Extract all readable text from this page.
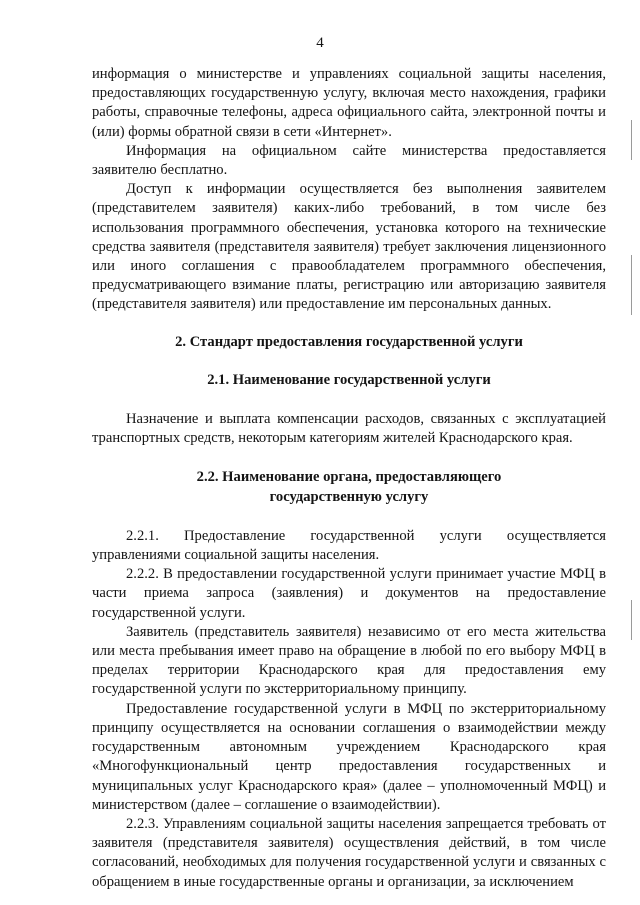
4

информация о министерстве и управлениях социальной защиты населения, предоставляющих государственную услугу, включая место нахождения, графики работы, справочные телефоны, адреса официального сайта, электронной почты и (или) формы обратной связи в сети «Интернет».

Информация на официальном сайте министерства предоставляется заявителю бесплатно.

Доступ к информации осуществляется без выполнения заявителем (представителем заявителя) каких-либо требований, в том числе без использования программного обеспечения, установка которого на технические средства заявителя (представителя заявителя) требует заключения лицензионного или иного соглашения с правообладателем программного обеспечения, предусматривающего взимание платы, регистрацию или авторизацию заявителя (представителя заявителя) или предоставление им персональных данных.

2. Стандарт предоставления государственной услуги
2.1. Наименование государственной услуги

Назначение и выплата компенсации расходов, связанных с эксплуатацией транспортных средств, некоторым категориям жителей Краснодарского края.

2.2. Наименование органа, предоставляющего
государственную услугу

2.2.1. Предоставление государственной услуги осуществляется управлениями социальной защиты населения.

2.2.2. В предоставлении государственной услуги принимает участие МФЦ в части приема запроса (заявления) и документов на предоставление государственной услуги.

Заявитель (представитель заявителя) независимо от его места жительства или места пребывания имеет право на обращение в любой по его выбору МФЦ в пределах территории Краснодарского края для предоставления ему государственной услуги по экстерриториальному принципу.

Предоставление государственной услуги в МФЦ по экстерриториальному принципу осуществляется на основании соглашения о взаимодействии между государственным автономным учреждением Краснодарского края «Многофункциональный центр предоставления государственных и муниципальных услуг Краснодарского края» (далее – уполномоченный МФЦ) и министерством (далее – соглашение о взаимодействии).

2.2.3. Управлениям социальной защиты населения запрещается требовать от заявителя (представителя заявителя) осуществления действий, в том числе согласований, необходимых для получения государственной услуги и связанных с обращением в иные государственные органы и организации, за исключением
